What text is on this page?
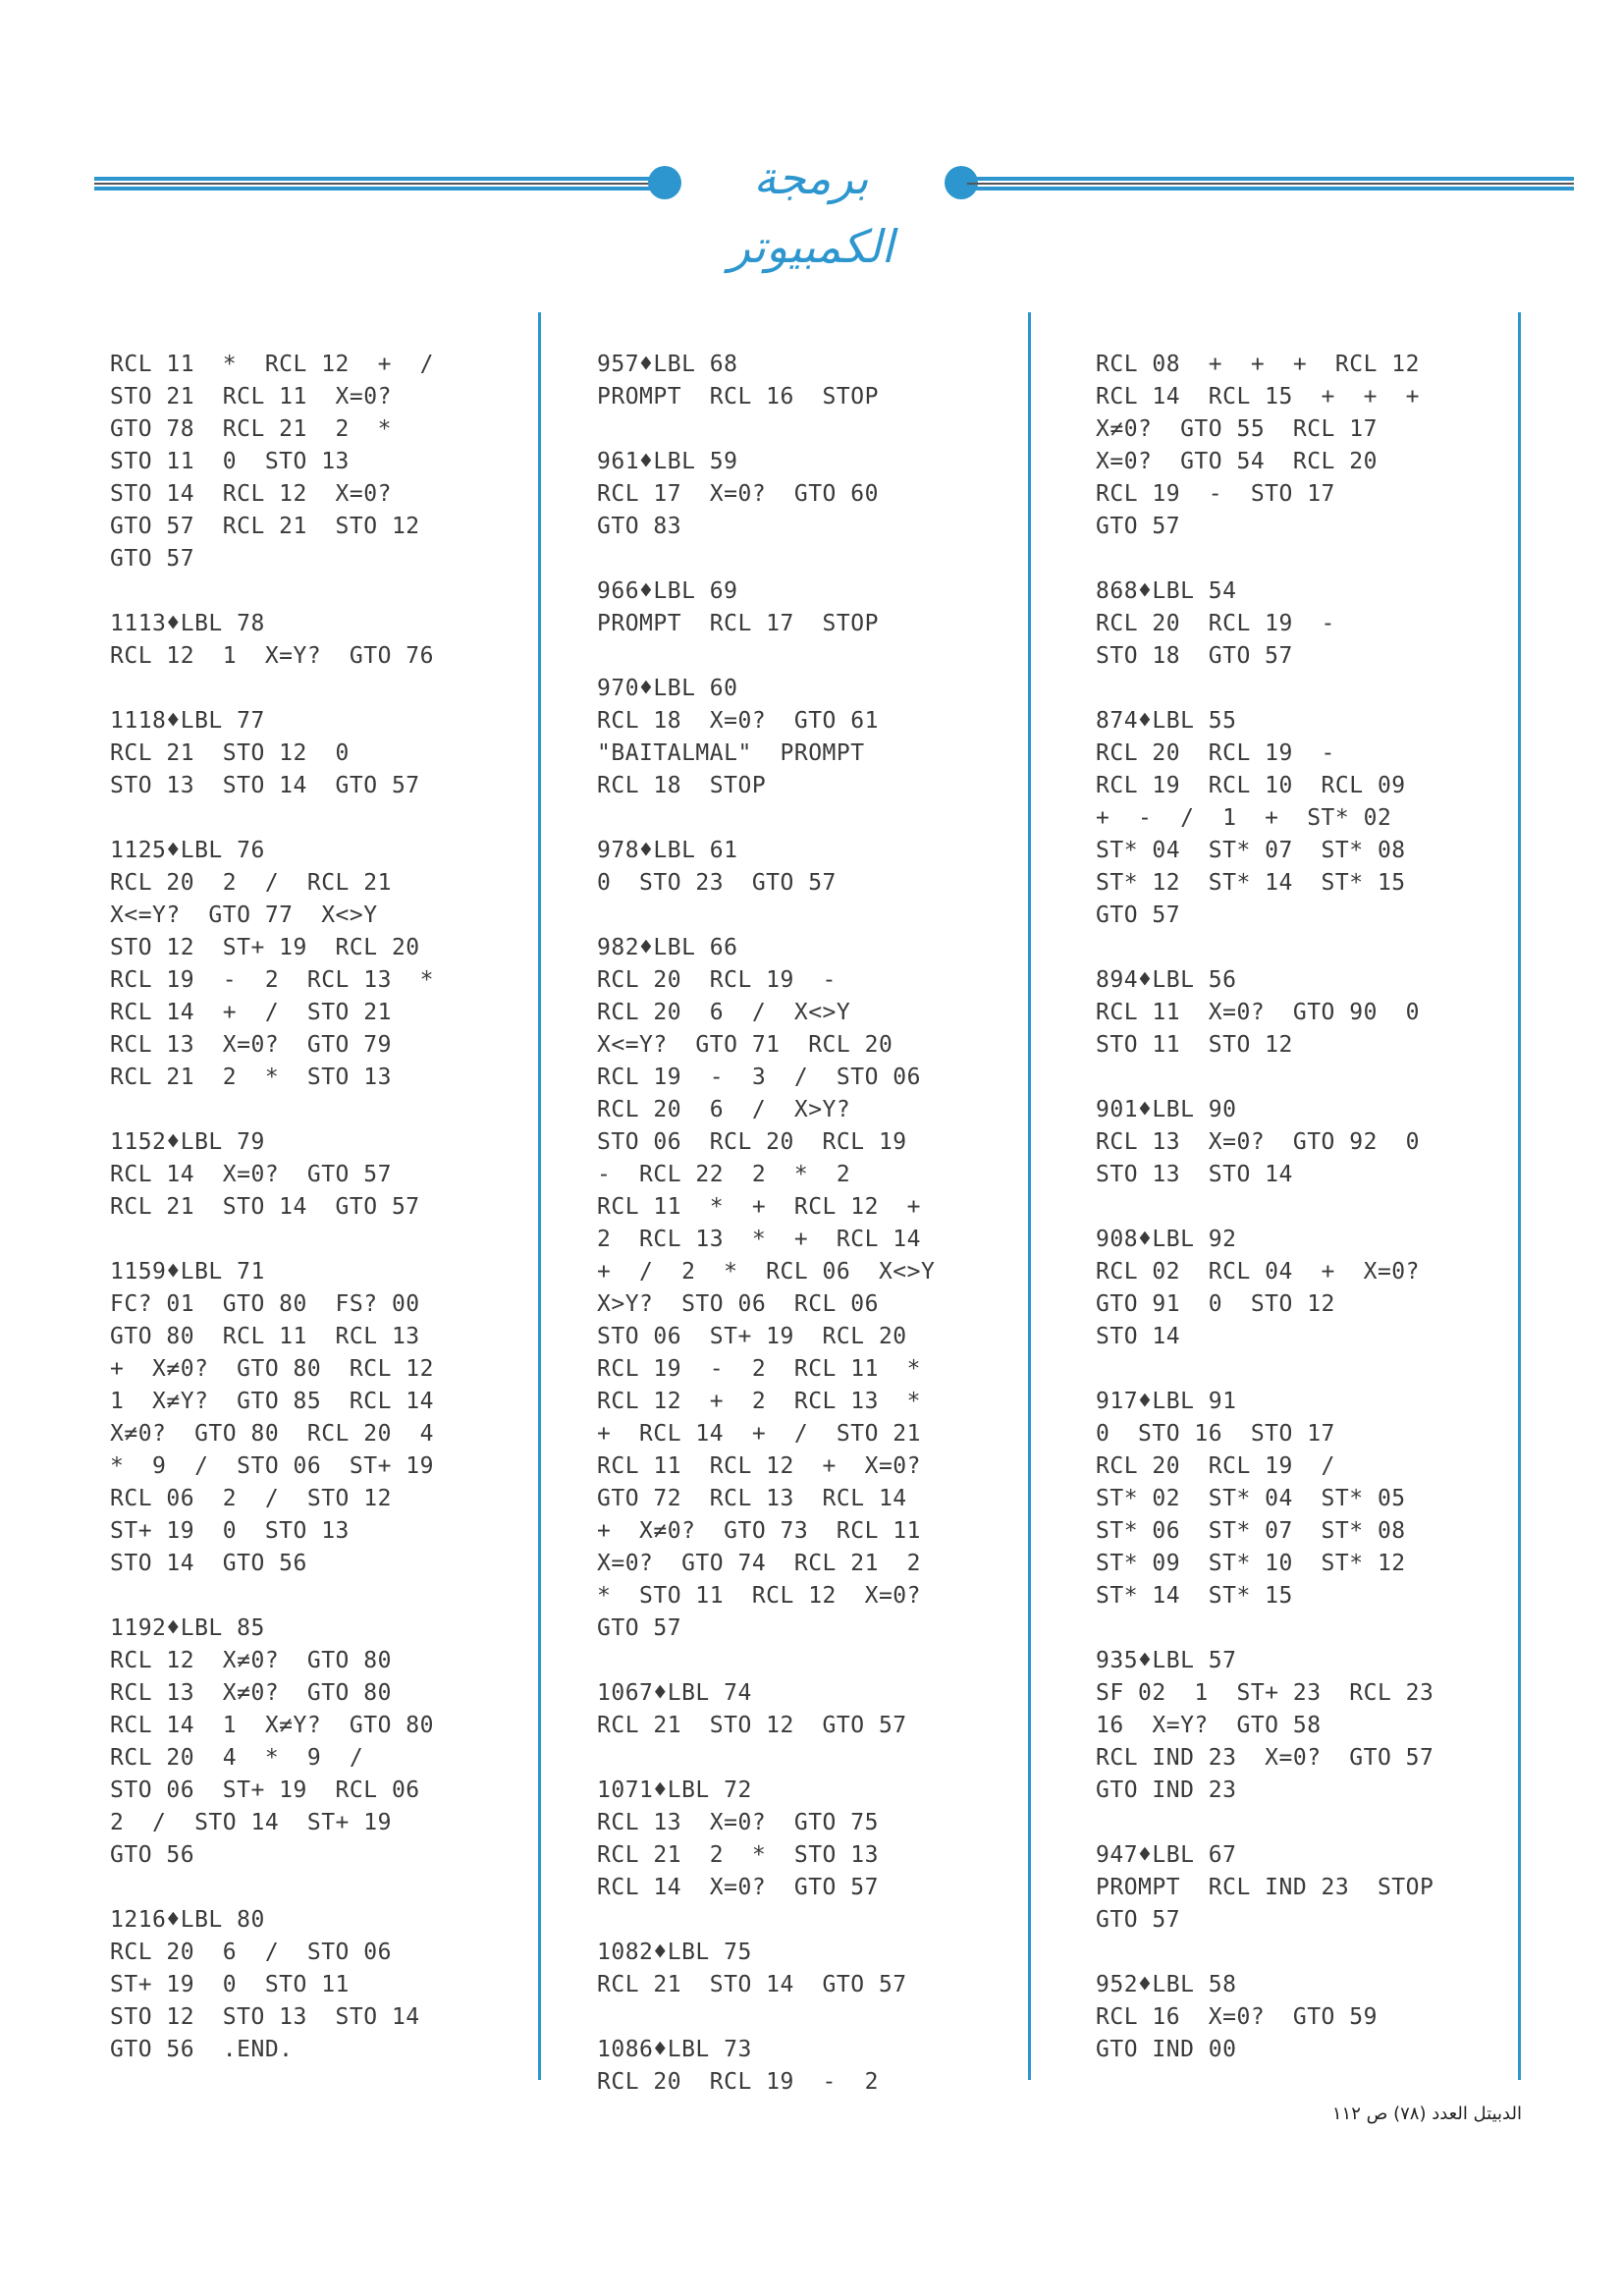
برمجة الكمبيوتر
RCL 11  *  RCL 12  +  /
STO 21  RCL 11  X=0?
GTO 78  RCL 21  2  *
STO 11  0  STO 13
STO 14  RCL 12  X=0?
GTO 57  RCL 21  STO 12
GTO 57
1113♦LBL 78
RCL 12  1  X=Y?  GTO 76
1118♦LBL 77
RCL 21  STO 12  0
STO 13  STO 14  GTO 57
1125♦LBL 76
RCL 20  2  /  RCL 21
X<=Y?  GTO 77  X<>Y
STO 12  ST+ 19  RCL 20
RCL 19  -  2  RCL 13  *
RCL 14  +  /  STO 21
RCL 13  X=0?  GTO 79
RCL 21  2  *  STO 13
1152♦LBL 79
RCL 14  X=0?  GTO 57
RCL 21  STO 14  GTO 57
1159♦LBL 71
FC? 01  GTO 80  FS? 00
GTO 80  RCL 11  RCL 13
+  X≠0?  GTO 80  RCL 12
1  X≠Y?  GTO 85  RCL 14
X≠0?  GTO 80  RCL 20  4
*  9  /  STO 06  ST+ 19
RCL 06  2  /  STO 12
ST+ 19  0  STO 13
STO 14  GTO 56
1192♦LBL 85
RCL 12  X≠0?  GTO 80
RCL 13  X≠0?  GTO 80
RCL 14  1  X≠Y?  GTO 80
RCL 20  4  *  9  /
STO 06  ST+ 19  RCL 06
2  /  STO 14  ST+ 19
GTO 56
1216♦LBL 80
RCL 20  6  /  STO 06
ST+ 19  0  STO 11
STO 12  STO 13  STO 14
GTO 56  .END.
957♦LBL 68
PROMPT  RCL 16  STOP
961♦LBL 59
RCL 17  X=0?  GTO 60
GTO 83
966♦LBL 69
PROMPT  RCL 17  STOP
970♦LBL 60
RCL 18  X=0?  GTO 61
"BAITALMAL"  PROMPT
RCL 18  STOP
978♦LBL 61
0  STO 23  GTO 57
982♦LBL 66
RCL 20  RCL 19  -
RCL 20  6  /  X<>Y
X<=Y?  GTO 71  RCL 20
RCL 19  -  3  /  STO 06
RCL 20  6  /  X>Y?
STO 06  RCL 20  RCL 19
-  RCL 22  2  *  2
RCL 11  *  +  RCL 12  +
2  RCL 13  *  +  RCL 14
+  /  2  *  RCL 06  X<>Y
X>Y?  STO 06  RCL 06
STO 06  ST+ 19  RCL 20
RCL 19  -  2  RCL 11  *
RCL 12  +  2  RCL 13  *
+  RCL 14  +  /  STO 21
RCL 11  RCL 12  +  X=0?
GTO 72  RCL 13  RCL 14
+  X≠0?  GTO 73  RCL 11
X=0?  GTO 74  RCL 21  2
*  STO 11  RCL 12  X=0?
GTO 57
1067♦LBL 74
RCL 21  STO 12  GTO 57
1071♦LBL 72
RCL 13  X=0?  GTO 75
RCL 21  2  *  STO 13
RCL 14  X=0?  GTO 57
1082♦LBL 75
RCL 21  STO 14  GTO 57
1086♦LBL 73
RCL 20  RCL 19  -  2
RCL 08  +  +  +  RCL 12
RCL 14  RCL 15  +  +  +
X≠0?  GTO 55  RCL 17
X=0?  GTO 54  RCL 20
RCL 19  -  STO 17
GTO 57
868♦LBL 54
RCL 20  RCL 19  -
STO 18  GTO 57
874♦LBL 55
RCL 20  RCL 19  -
RCL 19  RCL 10  RCL 09
+  -  /  1  +  ST* 02
ST* 04  ST* 07  ST* 08
ST* 12  ST* 14  ST* 15
GTO 57
894♦LBL 56
RCL 11  X=0?  GTO 90  0
STO 11  STO 12
901♦LBL 90
RCL 13  X=0?  GTO 92  0
STO 13  STO 14
908♦LBL 92
RCL 02  RCL 04  +  X=0?
GTO 91  0  STO 12
STO 14
917♦LBL 91
0  STO 16  STO 17
RCL 20  RCL 19  /
ST* 02  ST* 04  ST* 05
ST* 06  ST* 07  ST* 08
ST* 09  ST* 10  ST* 12
ST* 14  ST* 15
935♦LBL 57
SF 02  1  ST+ 23  RCL 23
16  X=Y?  GTO 58
RCL IND 23  X=0?  GTO 57
GTO IND 23
947♦LBL 67
PROMPT  RCL IND 23  STOP
GTO 57
952♦LBL 58
RCL 16  X=0?  GTO 59
GTO IND 00
الدبيتل العدد (٧٨) ص ١١٢
